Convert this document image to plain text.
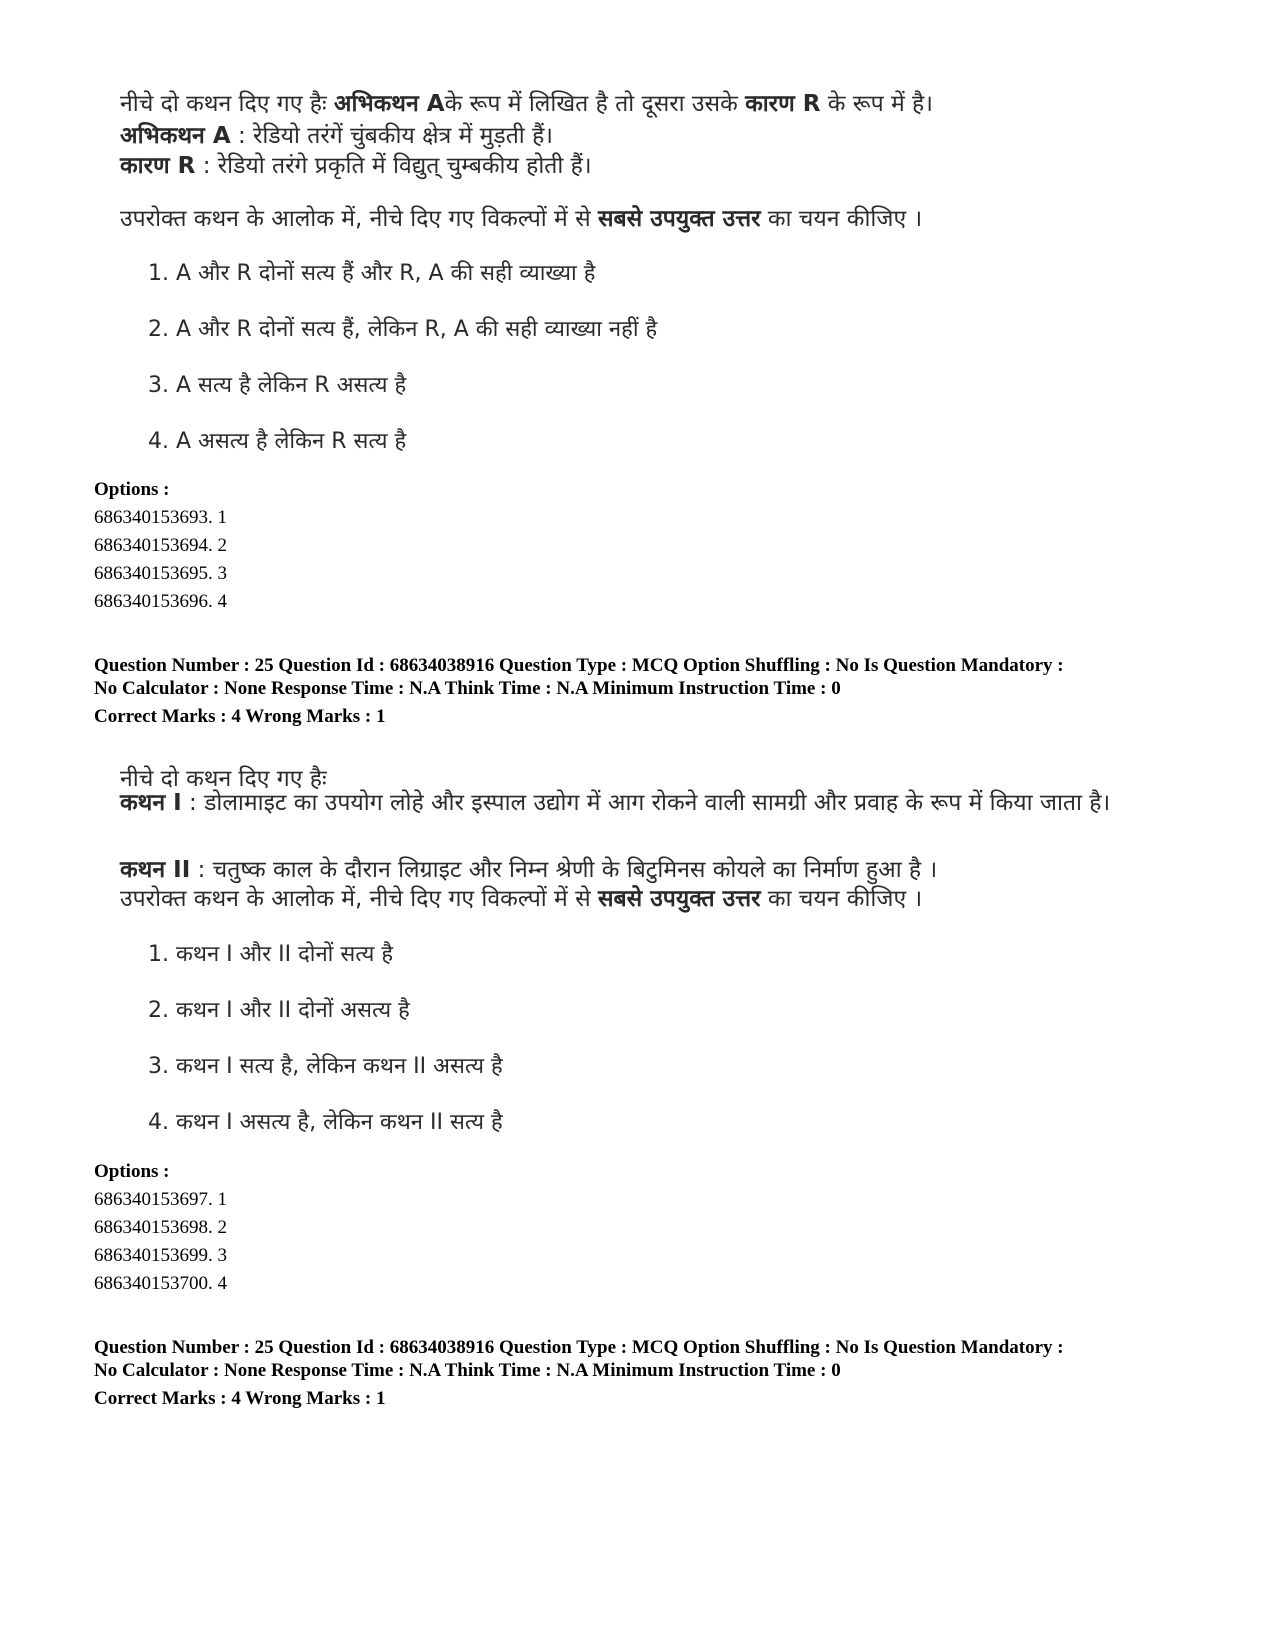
नीचे दो कथन दिए गए हैः अभिकथन Aके रूप में लिखित है तो दूसरा उसके कारण R के रूप में है।
अभिकथन A : रेडियो तरंगें चुंबकीय क्षेत्र में मुड़ती हैं।
कारण R : रेडियो तरंगे प्रकृति में विद्युत् चुम्बकीय होती हैं।
उपरोक्त कथन के आलोक में, नीचे दिए गए विकल्पों में से सबसे उपयुक्त उत्तर का चयन कीजिए ।
1. A और R दोनों सत्य हैं और R, A की सही व्याख्या है
2. A और R दोनों सत्य हैं, लेकिन R, A की सही व्याख्या नहीं है
3. A सत्य है लेकिन R असत्य है
4. A असत्य है लेकिन R सत्य है
Options :
686340153693. 1
686340153694. 2
686340153695. 3
686340153696. 4
Question Number : 25 Question Id : 68634038916 Question Type : MCQ Option Shuffling : No Is Question Mandatory :
No Calculator : None Response Time : N.A Think Time : N.A Minimum Instruction Time : 0
Correct Marks : 4 Wrong Marks : 1
नीचे दो कथन दिए गए हैः
कथन I : डोलामाइट का उपयोग लोहे और इस्पाल उद्योग में आग रोकने वाली सामग्री और प्रवाह के रूप में किया जाता है।
कथन II : चतुष्क काल के दौरान लिग्राइट और निम्न श्रेणी के बिटुमिनस कोयले का निर्माण हुआ है ।
उपरोक्त कथन के आलोक में, नीचे दिए गए विकल्पों में से सबसे उपयुक्त उत्तर का चयन कीजिए ।
1. कथन I और II दोनों सत्य है
2. कथन I और II दोनों असत्य है
3. कथन I सत्य है, लेकिन कथन II असत्य है
4. कथन I असत्य है, लेकिन कथन II सत्य है
Options :
686340153697. 1
686340153698. 2
686340153699. 3
686340153700. 4
Question Number : 25 Question Id : 68634038916 Question Type : MCQ Option Shuffling : No Is Question Mandatory :
No Calculator : None Response Time : N.A Think Time : N.A Minimum Instruction Time : 0
Correct Marks : 4 Wrong Marks : 1
